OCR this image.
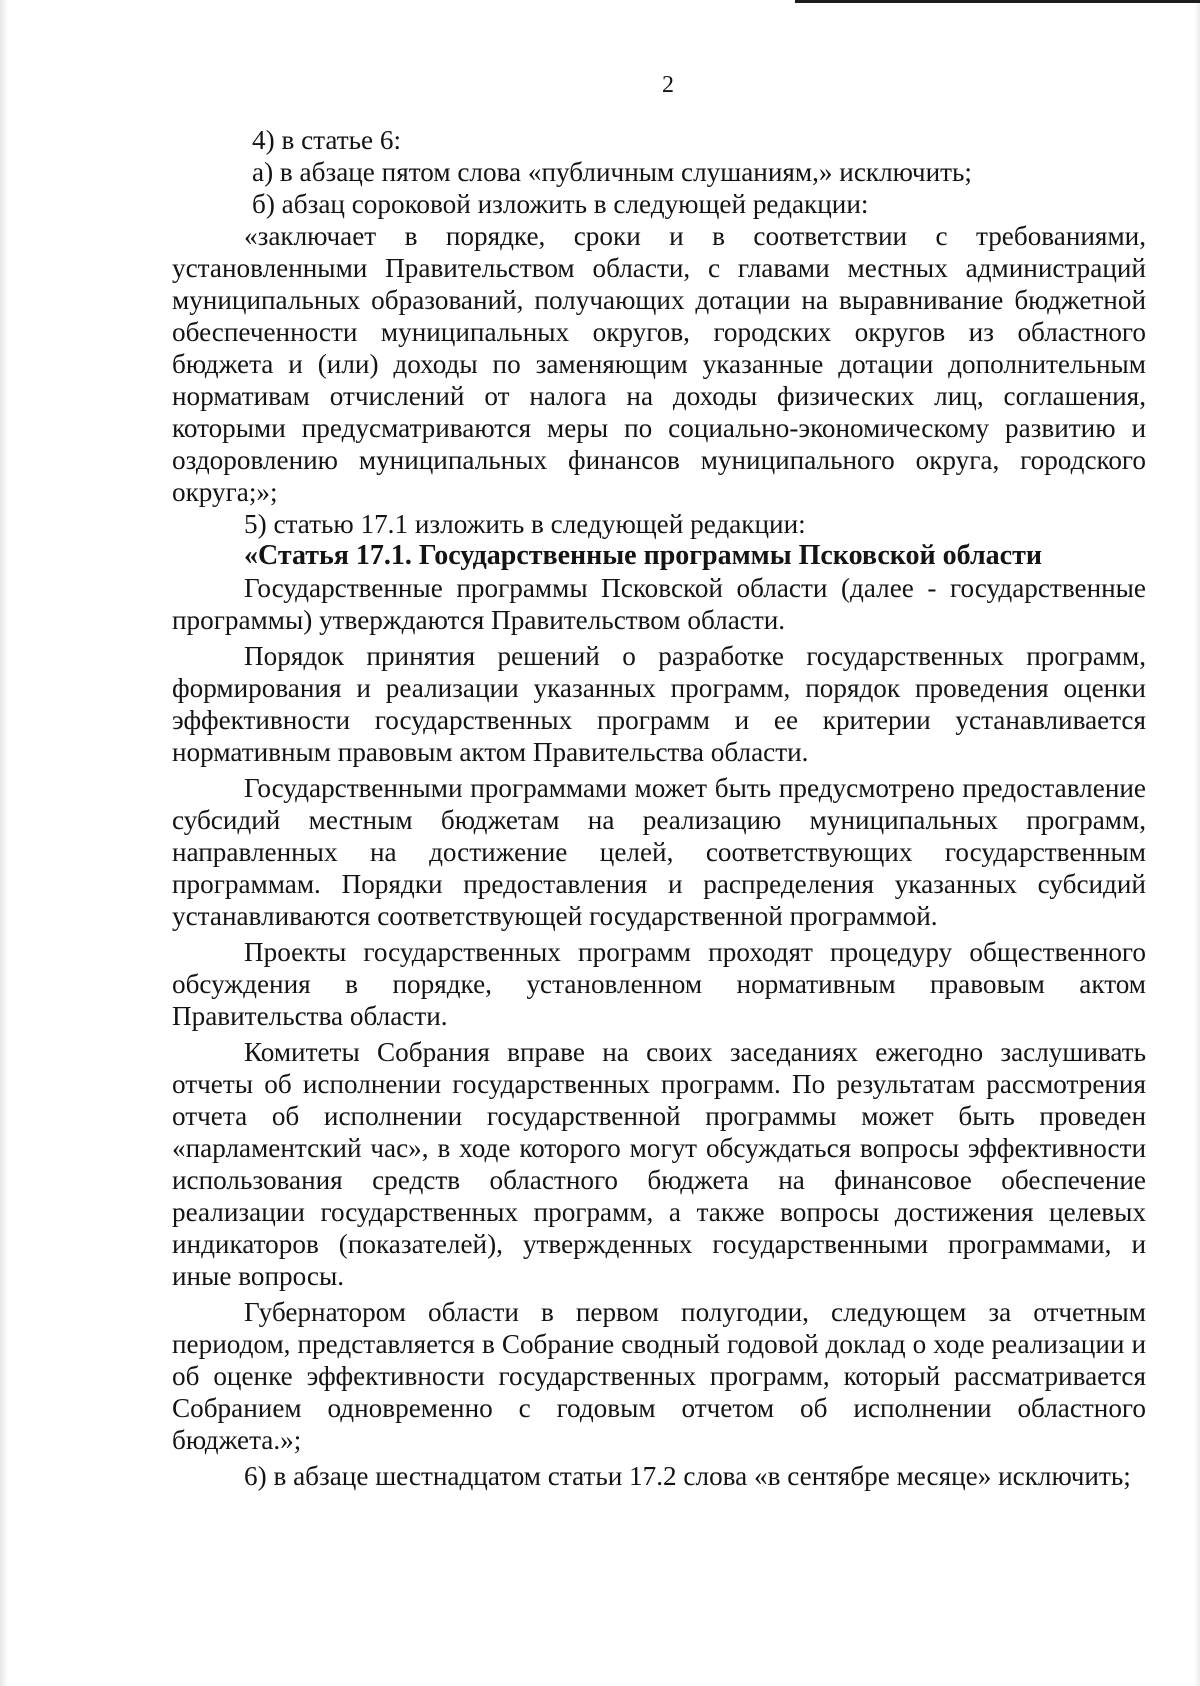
2

4) в статье 6:

а) в абзаце пятом слова «публичным слушаниям,» исключить;

б) абзац сороковой изложить в следующей редакции:

«заключает в порядке, сроки и в соответствии с требованиями, установленными Правительством области, с главами местных администраций муниципальных образований, получающих дотации на выравнивание бюджетной обеспеченности муниципальных округов, городских округов из областного бюджета и (или) доходы по заменяющим указанные дотации дополнительным нормативам отчислений от налога на доходы физических лиц, соглашения, которыми предусматриваются меры по социально-экономическому развитию и оздоровлению муниципальных финансов муниципального округа, городского округа;»;

5) статью 17.1 изложить в следующей редакции:

«Статья 17.1. Государственные программы Псковской области

Государственные программы Псковской области (далее - государственные программы) утверждаются Правительством области.

Порядок принятия решений о разработке государственных программ, формирования и реализации указанных программ, порядок проведения оценки эффективности государственных программ и ее критерии устанавливается нормативным правовым актом Правительства области.

Государственными программами может быть предусмотрено предоставление субсидий местным бюджетам на реализацию муниципальных программ, направленных на достижение целей, соответствующих государственным программам. Порядки предоставления и распределения указанных субсидий устанавливаются соответствующей государственной программой.

Проекты государственных программ проходят процедуру общественного обсуждения в порядке, установленном нормативным правовым актом Правительства области.

Комитеты Собрания вправе на своих заседаниях ежегодно заслушивать отчеты об исполнении государственных программ. По результатам рассмотрения отчета об исполнении государственной программы может быть проведен «парламентский час», в ходе которого могут обсуждаться вопросы эффективности использования средств областного бюджета на финансовое обеспечение реализации государственных программ, а также вопросы достижения целевых индикаторов (показателей), утвержденных государственными программами, и иные вопросы.

Губернатором области в первом полугодии, следующем за отчетным периодом, представляется в Собрание сводный годовой доклад о ходе реализации и об оценке эффективности государственных программ, который рассматривается Собранием одновременно с годовым отчетом об исполнении областного бюджета.»;

6) в абзаце шестнадцатом статьи 17.2 слова «в сентябре месяце» исключить;
